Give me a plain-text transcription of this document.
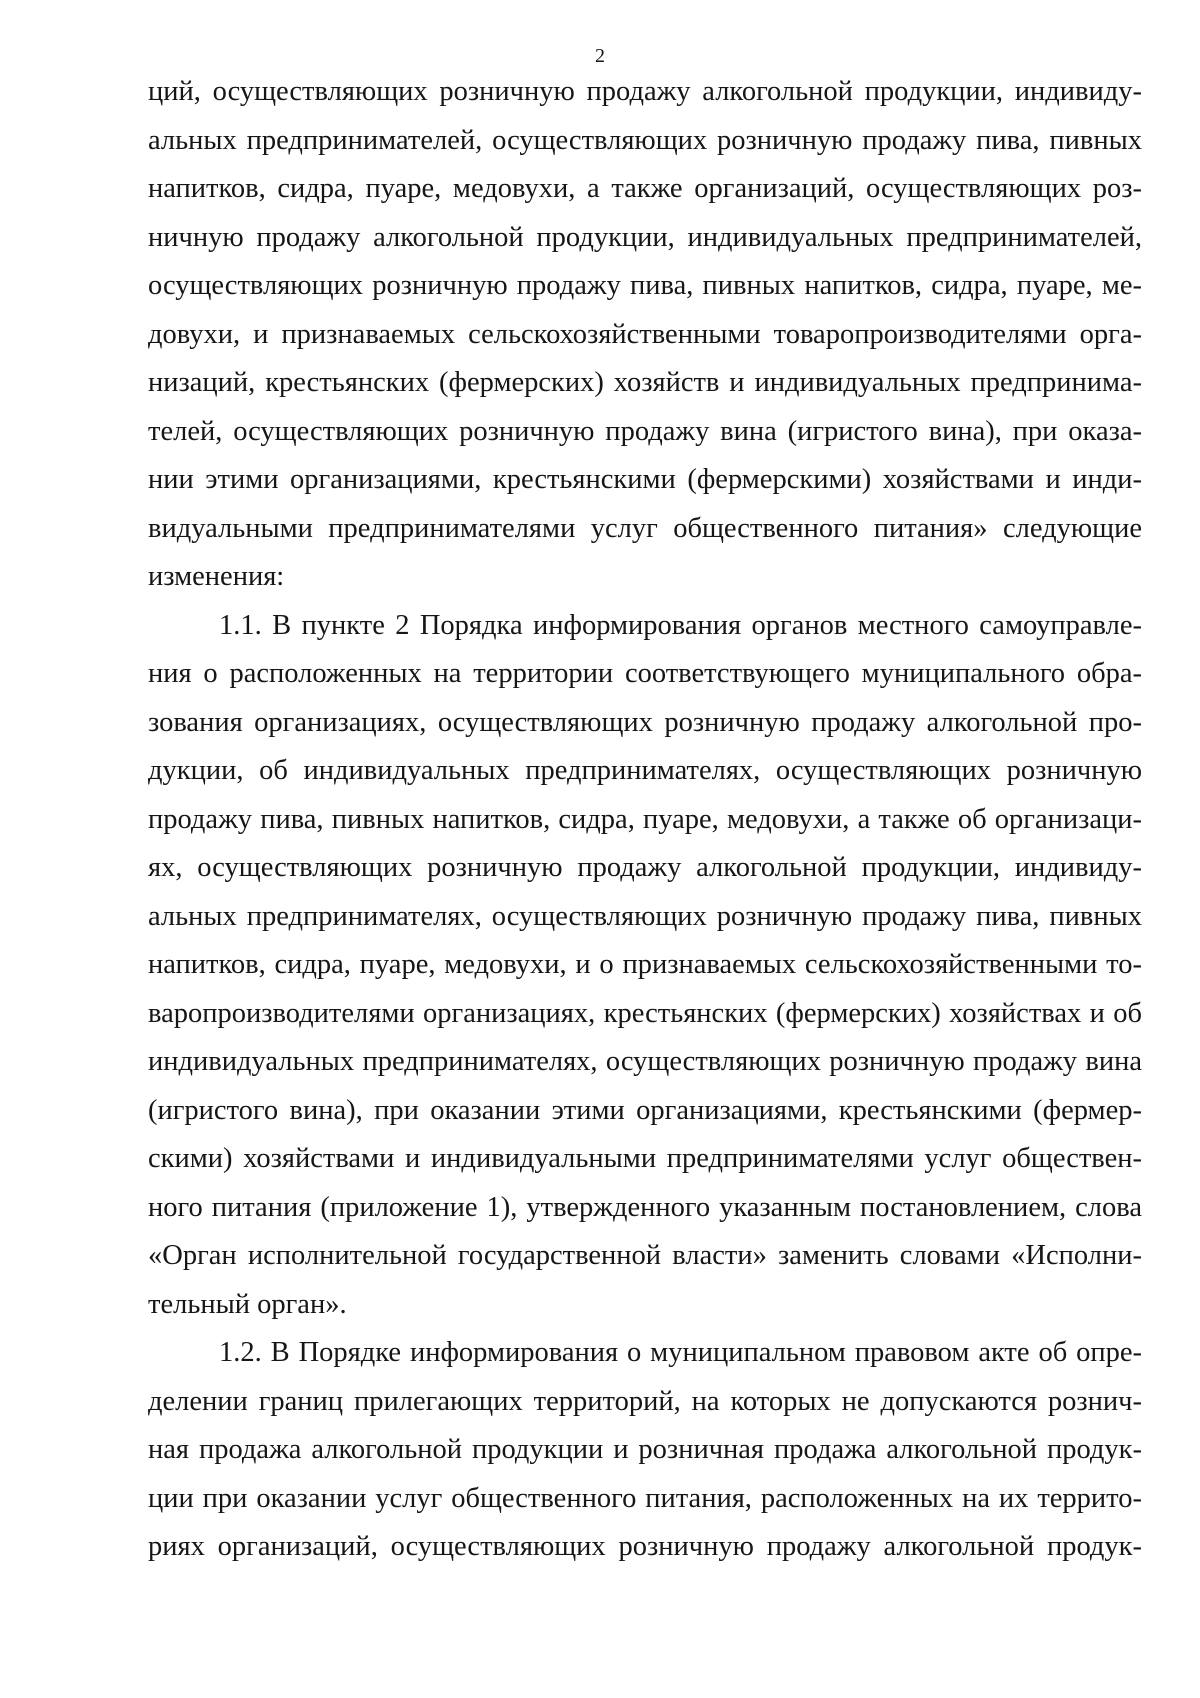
2
ций, осуществляющих розничную продажу алкогольной продукции, индивиду-
альных предпринимателей, осуществляющих розничную продажу пива, пивных
напитков, сидра, пуаре, медовухи, а также организаций, осуществляющих роз-
ничную продажу алкогольной продукции, индивидуальных предпринимателей,
осуществляющих розничную продажу пива, пивных напитков, сидра, пуаре, ме-
довухи, и признаваемых сельскохозяйственными товаропроизводителями орга-
низаций, крестьянских (фермерских) хозяйств и индивидуальных предпринима-
телей, осуществляющих розничную продажу вина (игристого вина), при оказа-
нии этими организациями, крестьянскими (фермерскими) хозяйствами и инди-
видуальными предпринимателями услуг общественного питания» следующие
изменения:
1.1. В пункте 2 Порядка информирования органов местного самоуправле-
ния о расположенных на территории соответствующего муниципального обра-
зования организациях, осуществляющих розничную продажу алкогольной про-
дукции, об индивидуальных предпринимателях, осуществляющих розничную
продажу пива, пивных напитков, сидра, пуаре, медовухи, а также об организаци-
ях, осуществляющих розничную продажу алкогольной продукции, индивиду-
альных предпринимателях, осуществляющих розничную продажу пива, пивных
напитков, сидра, пуаре, медовухи, и о признаваемых сельскохозяйственными то-
варопроизводителями организациях, крестьянских (фермерских) хозяйствах и об
индивидуальных предпринимателях, осуществляющих розничную продажу вина
(игристого вина), при оказании этими организациями, крестьянскими (фермер-
скими) хозяйствами и индивидуальными предпринимателями услуг обществен-
ного питания (приложение 1), утвержденного указанным постановлением, слова
«Орган исполнительной государственной власти» заменить словами «Исполни-
тельный орган».
1.2. В Порядке информирования о муниципальном правовом акте об опре-
делении границ прилегающих территорий, на которых не допускаются рознич-
ная продажа алкогольной продукции и розничная продажа алкогольной продук-
ции при оказании услуг общественного питания, расположенных на их террито-
риях организаций, осуществляющих розничную продажу алкогольной продук-
